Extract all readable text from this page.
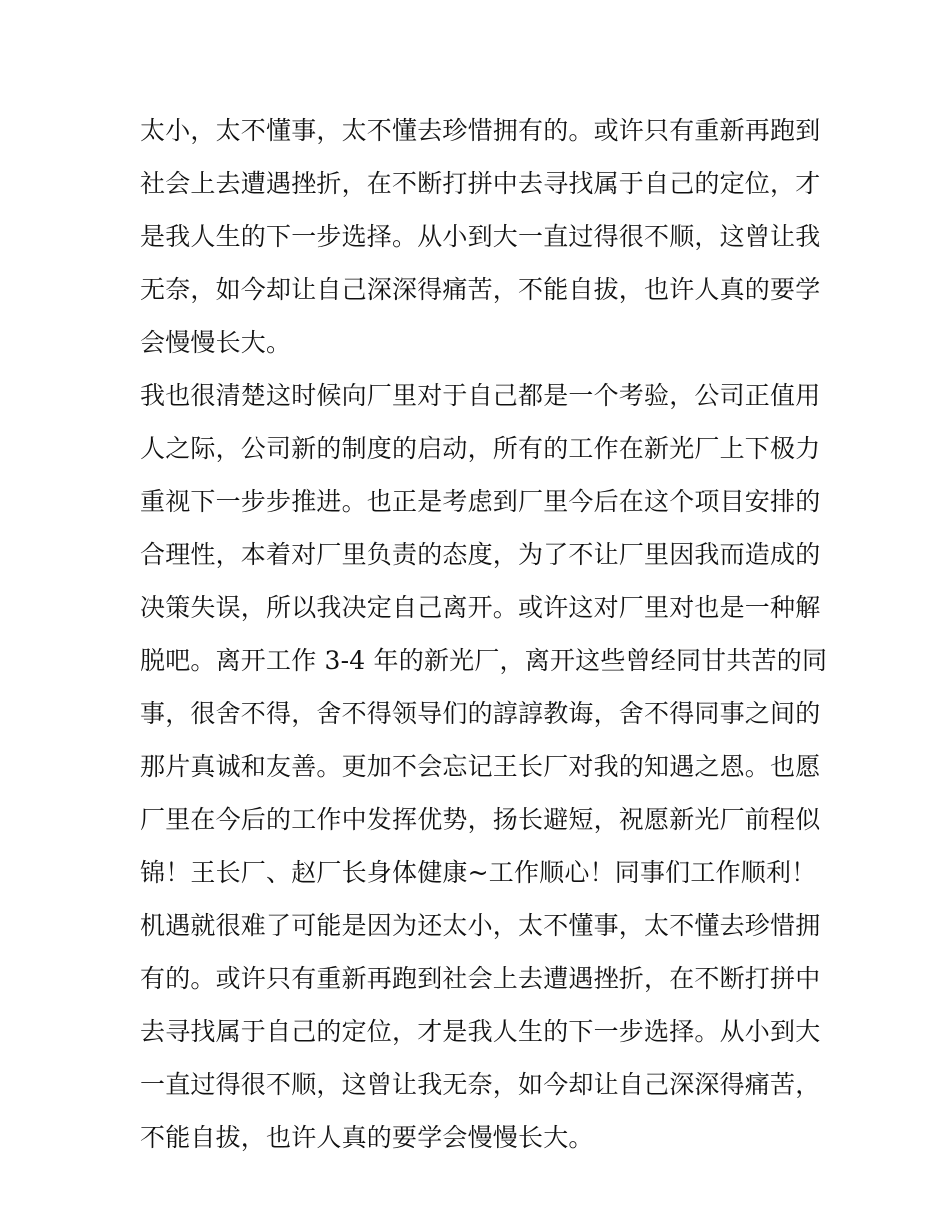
太小，太不懂事，太不懂去珍惜拥有的。或许只有重新再跑到
社会上去遭遇挫折，在不断打拼中去寻找属于自己的定位，才
是我人生的下一步选择。从小到大一直过得很不顺，这曾让我
无奈，如今却让自己深深得痛苦，不能自拔，也许人真的要学
会慢慢长大。
我也很清楚这时候向厂里对于自己都是一个考验，公司正值用
人之际，公司新的制度的启动，所有的工作在新光厂上下极力
重视下一步步推进。也正是考虑到厂里今后在这个项目安排的
合理性，本着对厂里负责的态度，为了不让厂里因我而造成的
决策失误，所以我决定自己离开。或许这对厂里对也是一种解
脱吧。离开工作 3-4 年的新光厂，离开这些曾经同甘共苦的同
事，很舍不得，舍不得领导们的諄諄教诲，舍不得同事之间的
那片真诚和友善。更加不会忘记王长厂对我的知遇之恩。也愿
厂里在今后的工作中发挥优势，扬长避短，祝愿新光厂前程似
锦！王长厂、赵厂长身体健康~工作顺心！同事们工作顺利！
机遇就很难了可能是因为还太小，太不懂事，太不懂去珍惜拥
有的。或许只有重新再跑到社会上去遭遇挫折，在不断打拼中
去寻找属于自己的定位，才是我人生的下一步选择。从小到大
一直过得很不顺，这曾让我无奈，如今却让自己深深得痛苦，
不能自拔，也许人真的要学会慢慢长大。
